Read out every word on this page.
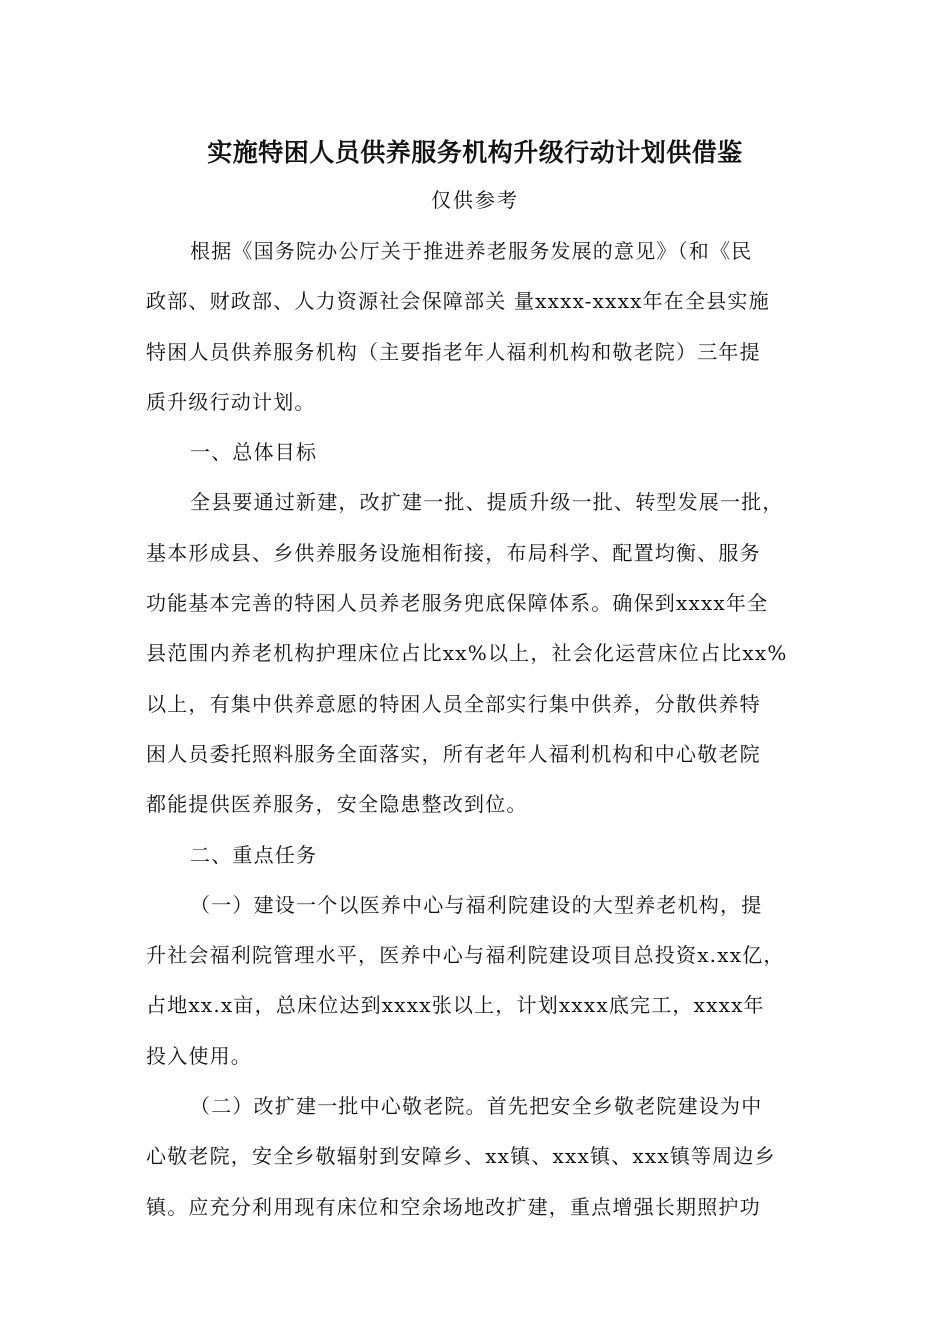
实施特困人员供养服务机构升级行动计划供借鉴
仅供参考

根据《国务院办公厅关于推进养老服务发展的意见》（和《民
政部、财政部、人力资源社会保障部关 量xxxx-xxxx年在全县实施
特困人员供养服务机构（主要指老年人福利机构和敬老院）三年提
质升级行动计划。

一、总体目标

全县要通过新建，改扩建一批、提质升级一批、转型发展一批，
基本形成县、乡供养服务设施相衔接，布局科学、配置均衡、服务
功能基本完善的特困人员养老服务兜底保障体系。确保到xxxx年全
县范围内养老机构护理床位占比xx%以上，社会化运营床位占比xx%
以上，有集中供养意愿的特困人员全部实行集中供养，分散供养特
困人员委托照料服务全面落实，所有老年人福利机构和中心敬老院
都能提供医养服务，安全隐患整改到位。

二、重点任务

（一）建设一个以医养中心与福利院建设的大型养老机构，提
升社会福利院管理水平，医养中心与福利院建设项目总投资x.xx亿，
占地xx.x亩，总床位达到xxxx张以上，计划xxxx底完工，xxxx年
投入使用。

（二）改扩建一批中心敬老院。首先把安全乡敬老院建设为中
心敬老院，安全乡敬辐射到安障乡、xx镇、xxx镇、xxx镇等周边乡
镇。应充分利用现有床位和空余场地改扩建，重点增强长期照护功
